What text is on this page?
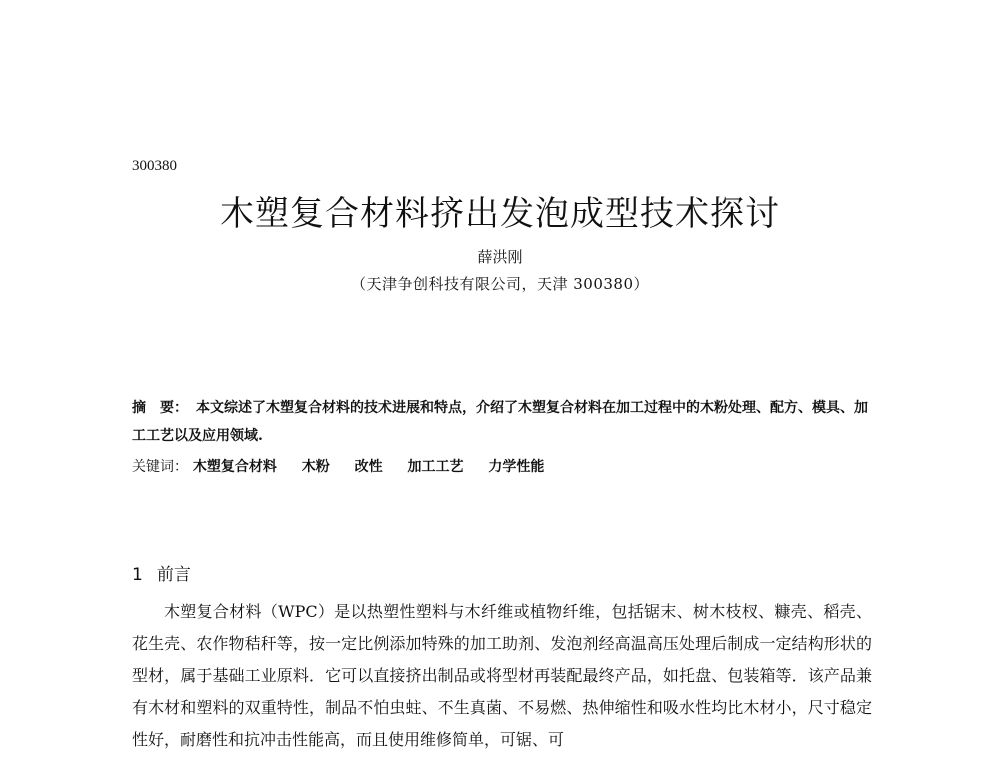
300380
木塑复合材料挤出发泡成型技术探讨
薛洪刚
（天津争创科技有限公司，天津 300380）
摘　要： 本文综述了木塑复合材料的技术进展和特点，介绍了木塑复合材料在加工过程中的木粉处理、配方、模具、加工工艺以及应用领域.
关键词： 木塑复合材料 木粉 改性 加工工艺 力学性能
1 前言
木塑复合材料（WPC）是以热塑性塑料与木纤维或植物纤维，包括锯末、树木枝杈、糠壳、稻壳、花生壳、农作物秸秆等，按一定比例添加特殊的加工助剂、发泡剂经高温高压处理后制成一定结构形状的型材，属于基础工业原料．它可以直接挤出制品或将型材再装配最终产品，如托盘、包装箱等．该产品兼有木材和塑料的双重特性，制品不怕虫蛀、不生真菌、不易燃、热伸缩性和吸水性均比木材小，尺寸稳定性好，耐磨性和抗冲击性能高，而且使用维修简单，可锯、可
